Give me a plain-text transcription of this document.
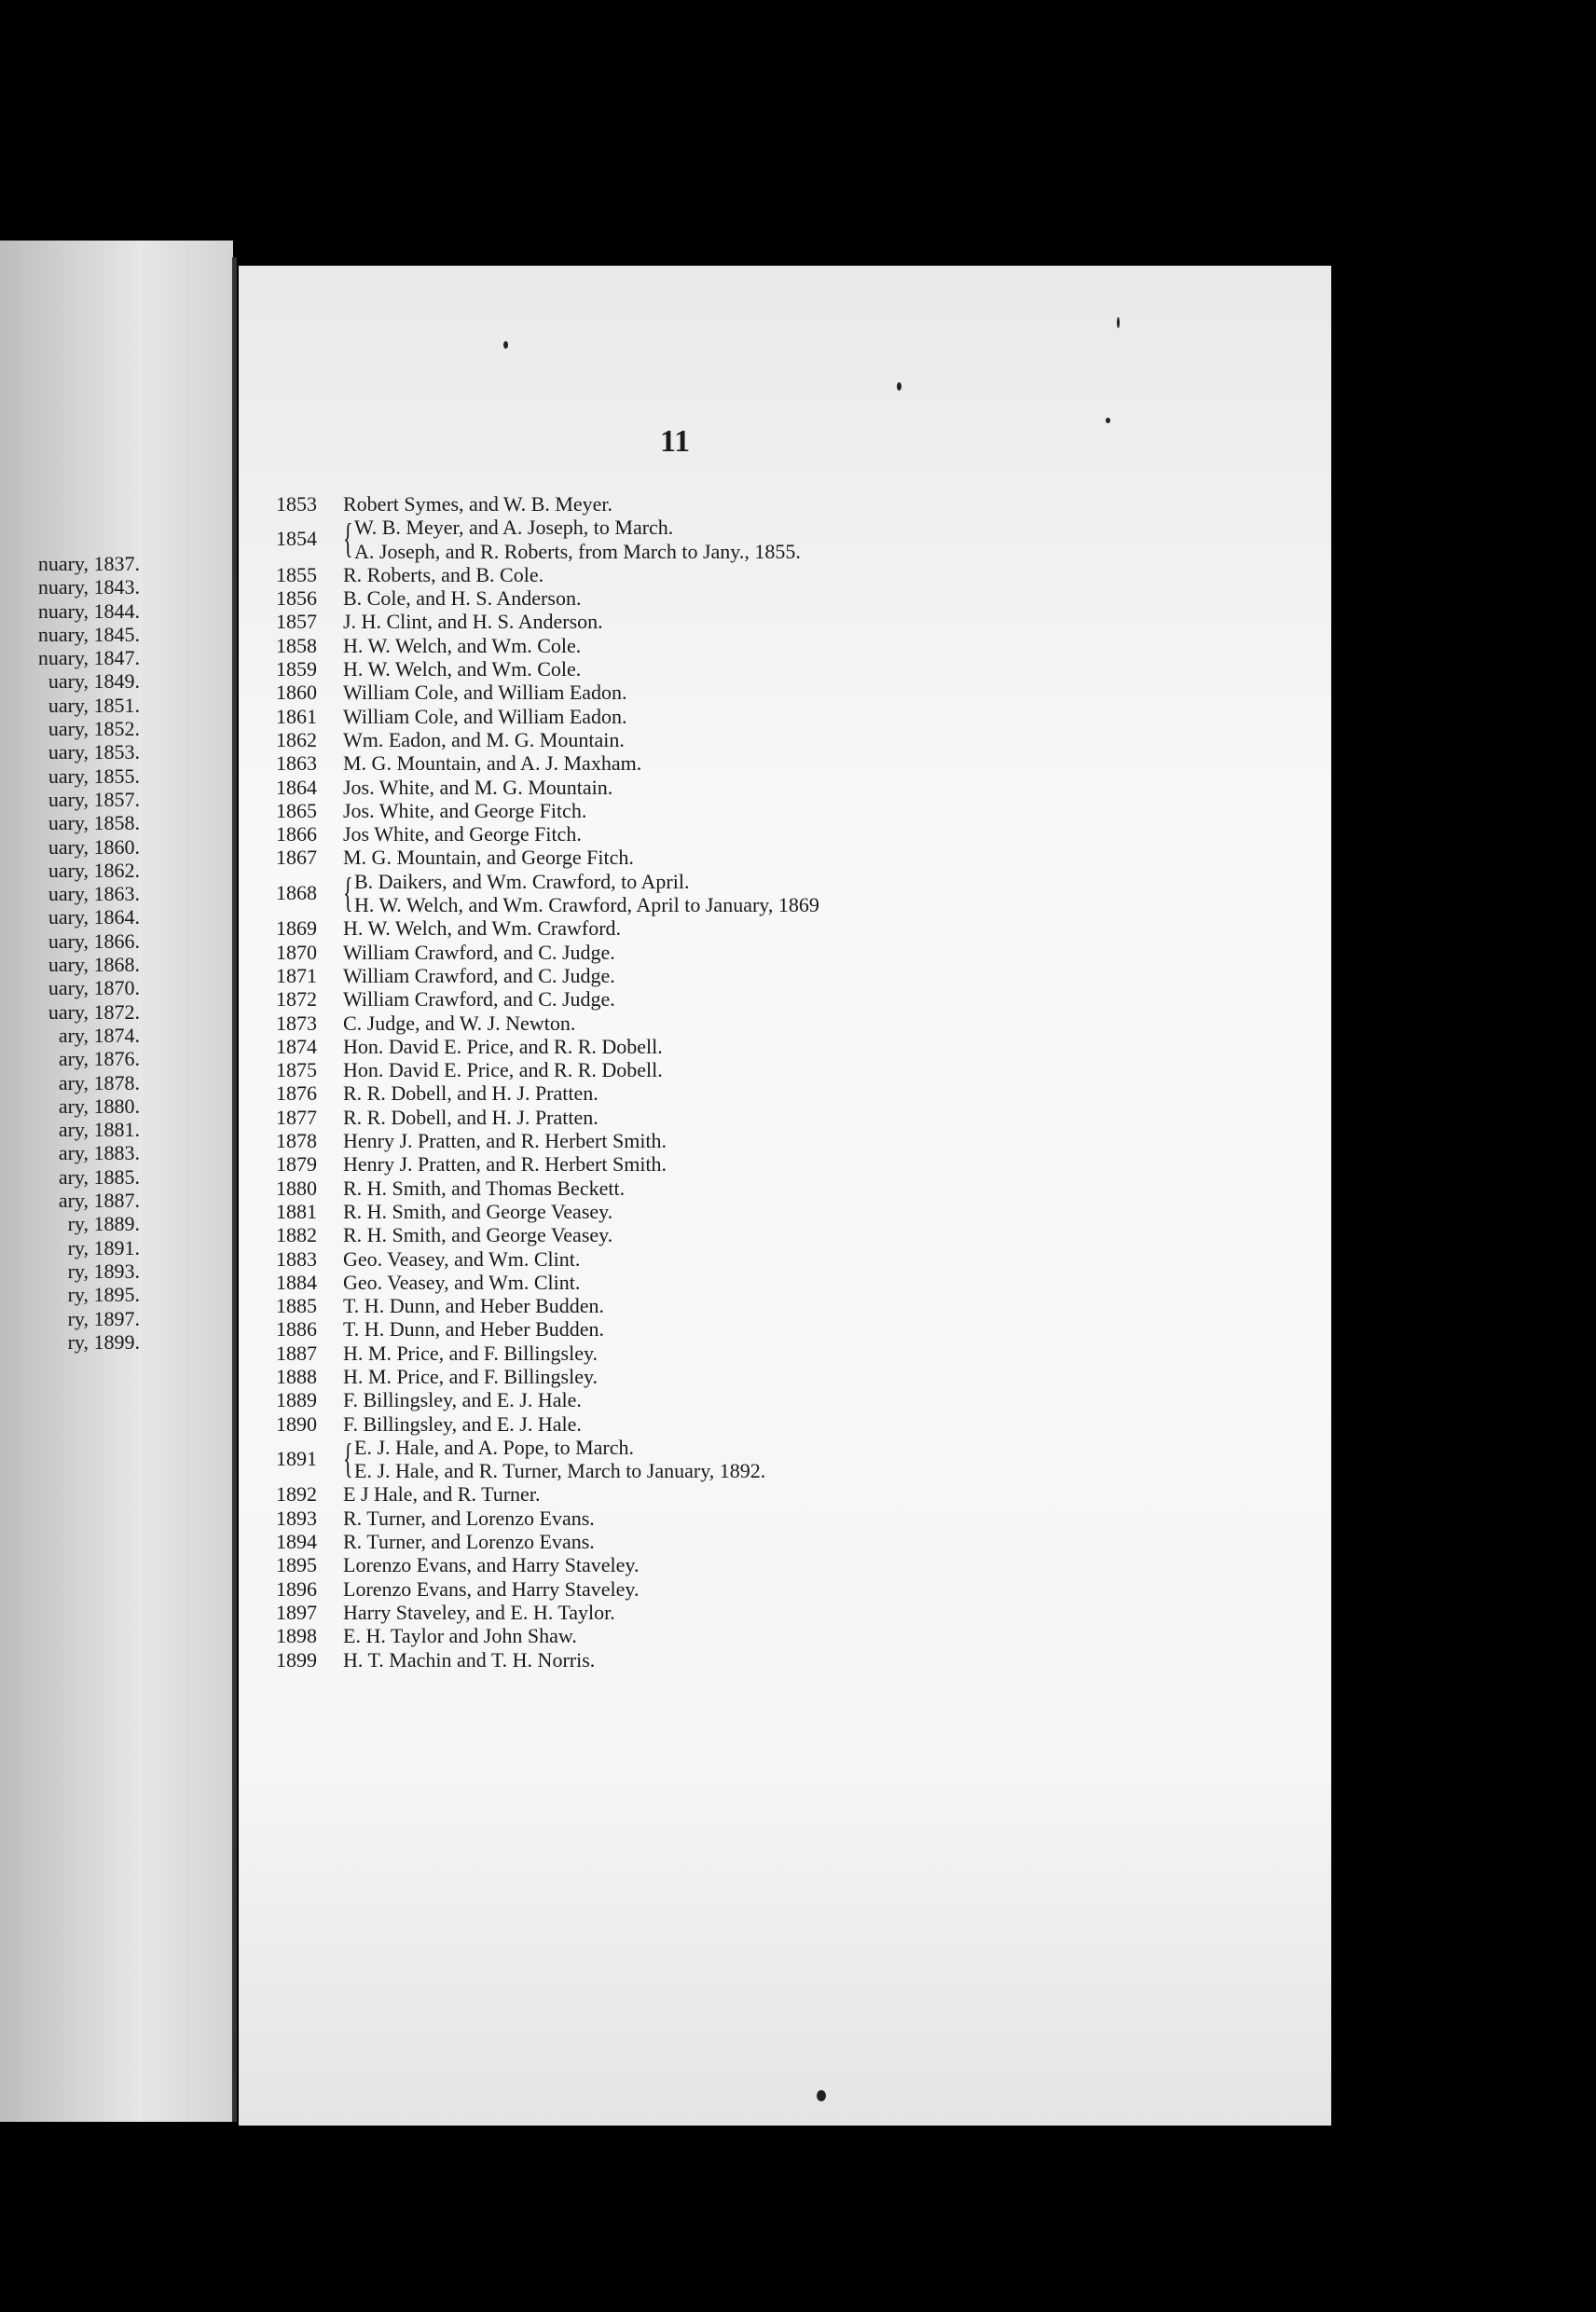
nuary, 1837.
nuary, 1843.
nuary, 1844.
nuary, 1845.
nuary, 1847.
uary, 1849.
uary, 1851.
uary, 1852.
uary, 1853.
uary, 1855.
uary, 1857.
uary, 1858.
uary, 1860.
uary, 1862.
uary, 1863.
uary, 1864.
uary, 1866.
uary, 1868.
uary, 1870.
uary, 1872.
ary, 1874.
ary, 1876.
ary, 1878.
ary, 1880.
ary, 1881.
ary, 1883.
ary, 1885.
ary, 1887.
ry, 1889.
ry, 1891.
ry, 1893.
ry, 1895.
ry, 1897.
ry, 1899.
11
1853	Robert Symes, and W. B. Meyer.
1854 { W. B. Meyer, and A. Joseph, to March.
A. Joseph, and R. Roberts, from March to Jany., 1855.
1855	R. Roberts, and B. Cole.
1856	B. Cole, and H. S. Anderson.
1857	J. H. Clint, and H. S. Anderson.
1858	H. W. Welch, and Wm. Cole.
1859	H. W. Welch, and Wm. Cole.
1860	William Cole, and William Eadon.
1861	William Cole, and William Eadon.
1862	Wm. Eadon, and M. G. Mountain.
1863	M. G. Mountain, and A. J. Maxham.
1864	Jos. White, and M. G. Mountain.
1865	Jos. White, and George Fitch.
1866	Jos White, and George Fitch.
1867	M. G. Mountain, and George Fitch.
1868 { B. Daikers, and Wm. Crawford, to April.
H. W. Welch, and Wm. Crawford, April to January, 1869
1869	H. W. Welch, and Wm. Crawford.
1870	William Crawford, and C. Judge.
1871	William Crawford, and C. Judge.
1872	William Crawford, and C. Judge.
1873	C. Judge, and W. J. Newton.
1874	Hon. David E. Price, and R. R. Dobell.
1875	Hon. David E. Price, and R. R. Dobell.
1876	R. R. Dobell, and H. J. Pratten.
1877	R. R. Dobell, and H. J. Pratten.
1878	Henry J. Pratten, and R. Herbert Smith.
1879	Henry J. Pratten, and R. Herbert Smith.
1880	R. H. Smith, and Thomas Beckett.
1881	R. H. Smith, and George Veasey.
1882	R. H. Smith, and George Veasey.
1883	Geo. Veasey, and Wm. Clint.
1884	Geo. Veasey, and Wm. Clint.
1885	T. H. Dunn, and Heber Budden.
1886	T. H. Dunn, and Heber Budden.
1887	H. M. Price, and F. Billingsley.
1888	H. M. Price, and F. Billingsley.
1889	F. Billingsley, and E. J. Hale.
1890	F. Billingsley, and E. J. Hale.
1891 { E. J. Hale, and A. Pope, to March.
E. J. Hale, and R. Turner, March to January, 1892.
1892	E J Hale, and R. Turner.
1893	R. Turner, and Lorenzo Evans.
1894	R. Turner, and Lorenzo Evans.
1895	Lorenzo Evans, and Harry Staveley.
1896	Lorenzo Evans, and Harry Staveley.
1897	Harry Staveley, and E. H. Taylor.
1898	E. H. Taylor and John Shaw.
1899	H. T. Machin and T. H. Norris.
